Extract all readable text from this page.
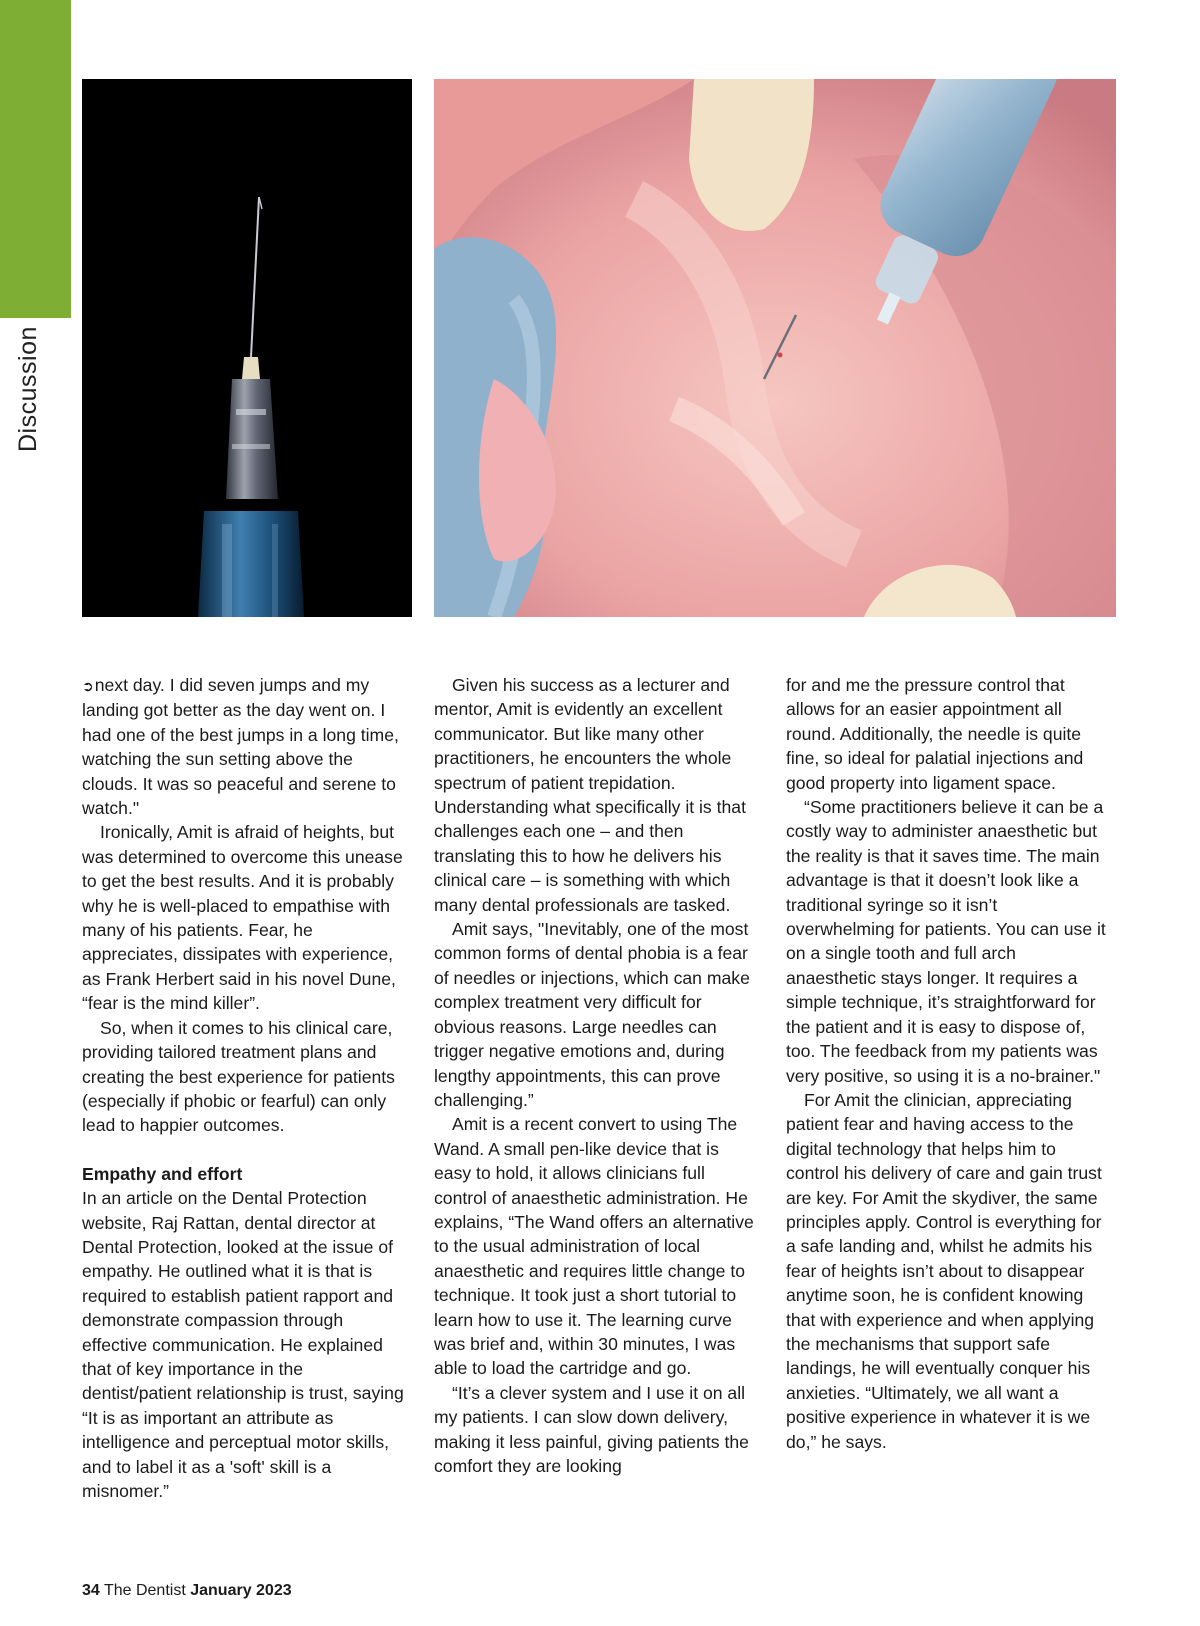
Discussion

➲next day. I did seven jumps and my landing got better as the day went on. I had one of the best jumps in a long time, watching the sun setting above the clouds. It was so peaceful and serene to watch."

Ironically, Amit is afraid of heights, but was determined to overcome this unease to get the best results. And it is probably why he is well-placed to empathise with many of his patients. Fear, he appreciates, dissipates with experience, as Frank Herbert said in his novel Dune, “fear is the mind killer”.

So, when it comes to his clinical care, providing tailored treatment plans and creating the best experience for patients (especially if phobic or fearful) can only lead to happier outcomes.

Empathy and effort

In an article on the Dental Protection website, Raj Rattan, dental director at Dental Protection, looked at the issue of empathy. He outlined what it is that is required to establish patient rapport and demonstrate compassion through effective communication. He explained that of key importance in the dentist/patient relationship is trust, saying “It is as important an attribute as intelligence and perceptual motor skills, and to label it as a 'soft' skill is a misnomer.”

Given his success as a lecturer and mentor, Amit is evidently an excellent communicator. But like many other practitioners, he encounters the whole spectrum of patient trepidation. Understanding what specifically it is that challenges each one – and then translating this to how he delivers his clinical care – is something with which many dental professionals are tasked.

Amit says, "Inevitably, one of the most common forms of dental phobia is a fear of needles or injections, which can make complex treatment very difficult for obvious reasons. Large needles can trigger negative emotions and, during lengthy appointments, this can prove challenging.”

Amit is a recent convert to using The Wand. A small pen-like device that is easy to hold, it allows clinicians full control of anaesthetic administration. He explains, “The Wand offers an alternative to the usual administration of local anaesthetic and requires little change to technique. It took just a short tutorial to learn how to use it. The learning curve was brief and, within 30 minutes, I was able to load the cartridge and go.

“It’s a clever system and I use it on all my patients. I can slow down delivery, making it less painful, giving patients the comfort they are looking

for and me the pressure control that allows for an easier appointment all round. Additionally, the needle is quite fine, so ideal for palatial injections and good property into ligament space.

“Some practitioners believe it can be a costly way to administer anaesthetic but the reality is that it saves time. The main advantage is that it doesn’t look like a traditional syringe so it isn’t overwhelming for patients. You can use it on a single tooth and full arch anaesthetic stays longer. It requires a simple technique, it’s straightforward for the patient and it is easy to dispose of, too. The feedback from my patients was very positive, so using it is a no-brainer."

For Amit the clinician, appreciating patient fear and having access to the digital technology that helps him to control his delivery of care and gain trust are key. For Amit the skydiver, the same principles apply. Control is everything for a safe landing and, whilst he admits his fear of heights isn’t about to disappear anytime soon, he is confident knowing that with experience and when applying the mechanisms that support safe landings, he will eventually conquer his anxieties. “Ultimately, we all want a positive experience in whatever it is we do,” he says.

34 The Dentist January 2023
